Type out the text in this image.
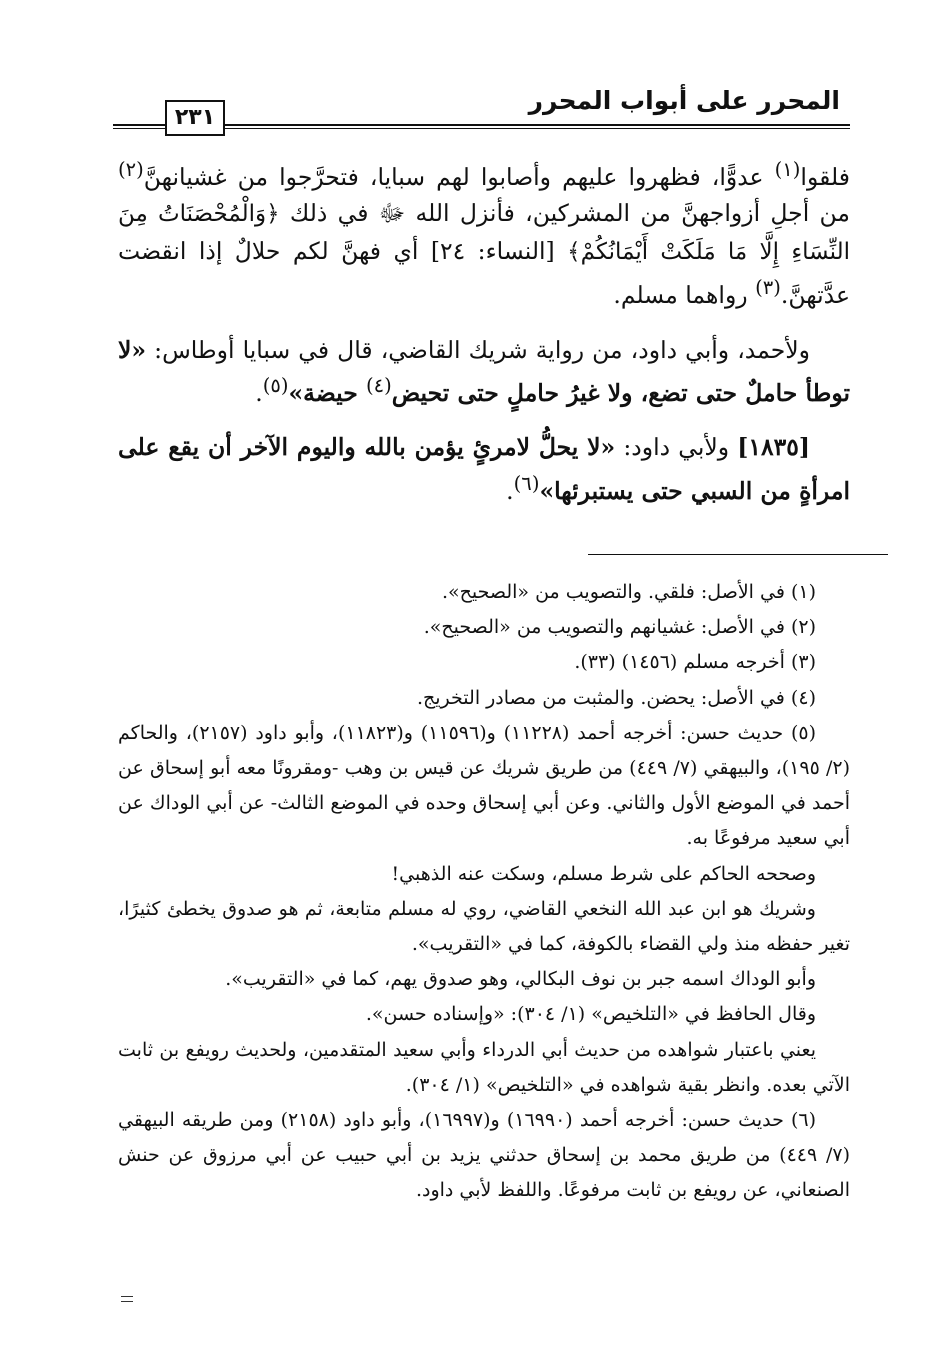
المحرر على أبواب المحرر
٢٣١

فلقوا$^{(١)}$ عدوًّا، فظهروا عليهم وأصابوا لهم سبايا، فتحرَّجوا من غشيانهنَّ$^{(٢)}$ من أجلِ أزواجهنَّ من المشركين، فأنزل الله ﷻ في ذلك ﴿وَالْمُحْصَنَاتُ مِنَ النِّسَاءِ إِلَّا مَا مَلَكَتْ أَيْمَانُكُمْ﴾ [النساء: ٢٤] أي فهنَّ لكم حلالٌ إذا انقضت عدَّتهنَّ.$^{(٣)}$ رواهما مسلم.

ولأحمد، وأبي داود، من رواية شريك القاضي، قال في سبايا أوطاس: «لا توطأ حاملٌ حتى تضع، ولا غيرُ حاملٍ حتى تحيض$^{(٤)}$ حيضة»$^{(٥)}$.

[١٨٣٥] ولأبي داود: «لا يحلُّ لامرئٍ يؤمن بالله واليوم الآخر أن يقع على امرأةٍ من السبي حتى يستبرئها»$^{(٦)}$.

(١) في الأصل: فلقي. والتصويب من «الصحيح».

(٢) في الأصل: غشيانهم والتصويب من «الصحيح».

(٣) أخرجه مسلم (١٤٥٦) (٣٣).

(٤) في الأصل: يحضن. والمثبت من مصادر التخريج.

(٥) حديث حسن: أخرجه أحمد (١١٢٢٨) و(١١٥٩٦) و(١١٨٢٣)، وأبو داود (٢١٥٧)، والحاكم (٢/ ١٩٥)، والبيهقي (٧/ ٤٤٩) من طريق شريك عن قيس بن وهب -ومقرونًا معه أبو إسحاق عن أحمد في الموضع الأول والثاني. وعن أبي إسحاق وحده في الموضع الثالث- عن أبي الوداك عن أبي سعيد مرفوعًا به.

وصححه الحاكم على شرط مسلم، وسكت عنه الذهبي!

وشريك هو ابن عبد الله النخعي القاضي، روي له مسلم متابعة، ثم هو صدوق يخطئ كثيرًا، تغير حفظه منذ ولي القضاء بالكوفة، كما في «التقريب».

وأبو الوداك اسمه جبر بن نوف البكالي، وهو صدوق يهم، كما في «التقريب».

وقال الحافظ في «التلخيص» (١/ ٣٠٤): «وإسناده حسن».

يعني باعتبار شواهده من حديث أبي الدرداء وأبي سعيد المتقدمين، ولحديث رويفع بن ثابت الآتي بعده. وانظر بقية شواهده في «التلخيص» (١/ ٣٠٤).

(٦) حديث حسن: أخرجه أحمد (١٦٩٩٠) و(١٦٩٩٧)، وأبو داود (٢١٥٨) ومن طريقه البيهقي (٧/ ٤٤٩) من طريق محمد بن إسحاق حدثني يزيد بن أبي حبيب عن أبي مرزوق عن حنش الصنعاني، عن رويفع بن ثابت مرفوعًا. واللفظ لأبي داود.
